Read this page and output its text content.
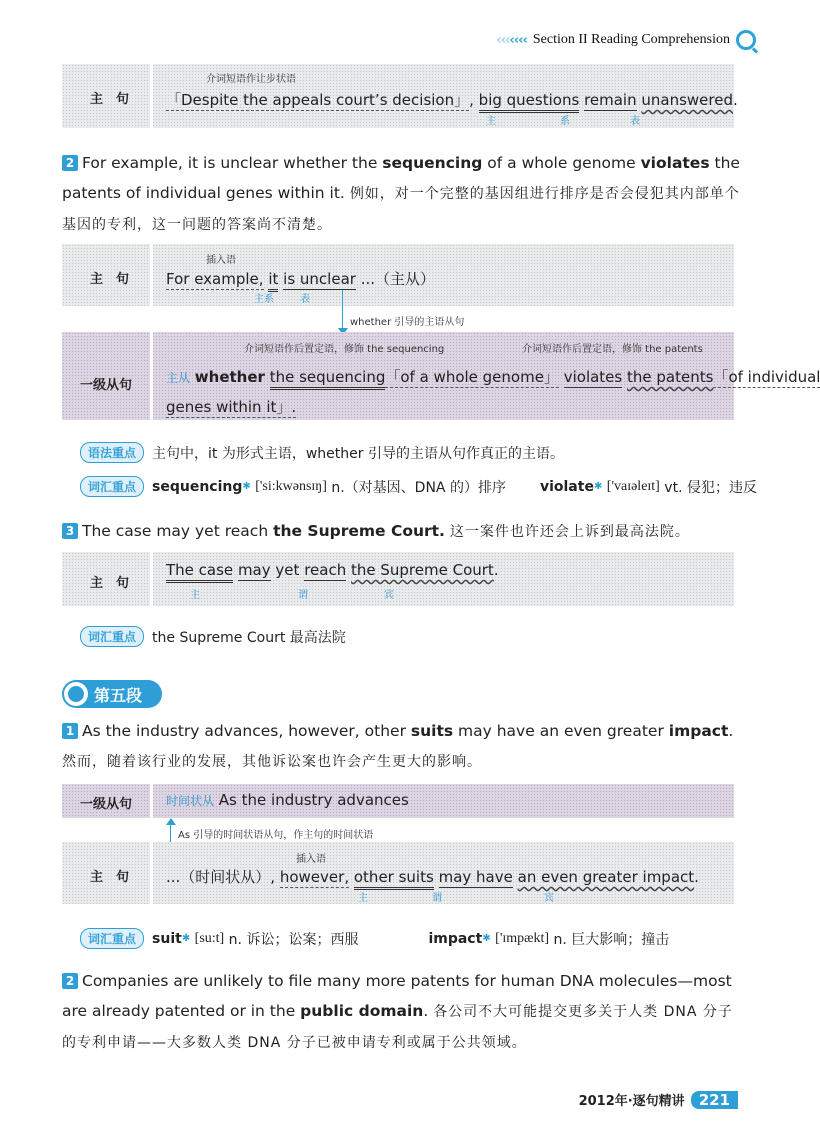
‹‹‹‹‹‹‹ Section II Reading Comprehension
主　句
介词短语作让步状语
「Despite the appeals court’s decision」, big questions remain unanswered.
主	系	表
2 For example, it is unclear whether the sequencing of a whole genome violates the patents of individual genes within it. 例如，对一个完整的基因组进行排序是否会侵犯其内部单个基因的专利，这一问题的答案尚不清楚。
主　句
插入语
For example, it is unclear ...（主从）
主系	表
whether 引导的主语从句
一级从句
介词短语作后置定语，修饰 the sequencing	介词短语作后置定语，修饰 the patents
主从 whether the sequencing「of a whole genome」 violates the patents「of individual
genes within it」.
语法重点	主句中，it 为形式主语，whether 引导的主语从句作真正的主语。
词汇重点	sequencing ✱
['si:kwənsɪŋ]
n.（对基因、DNA 的）排序 violate ✱
['vaɪəleɪt]
vt. 侵犯；违反
3 The case may yet reach the Supreme Court. 这一案件也许还会上诉到最高法院。
主　句
The case may yet reach the Supreme Court.
主	谓	宾
词汇重点	the Supreme Court 最高法院
第五段
1 As the industry advances, however, other suits may have an even greater impact. 然而，随着该行业的发展，其他诉讼案也许会产生更大的影响。
一级从句	时间状从 As the industry advances
As 引导的时间状语从句，作主句的时间状语
主　句
插入语
...（时间状从）, however, other suits may have an even greater impact.
主	谓	宾
词汇重点	suit ✱
[su:t]
n. 诉讼；讼案；西服	impact ✱
['ɪmpækt]
n. 巨大影响；撞击
2 Companies are unlikely to file many more patents for human DNA molecules—most are already patented or in the public domain. 各公司不大可能提交更多关于人类 DNA 分子的专利申请——大多数人类 DNA 分子已被申请专利或属于公共领域。
2012年·逐句精讲 221
